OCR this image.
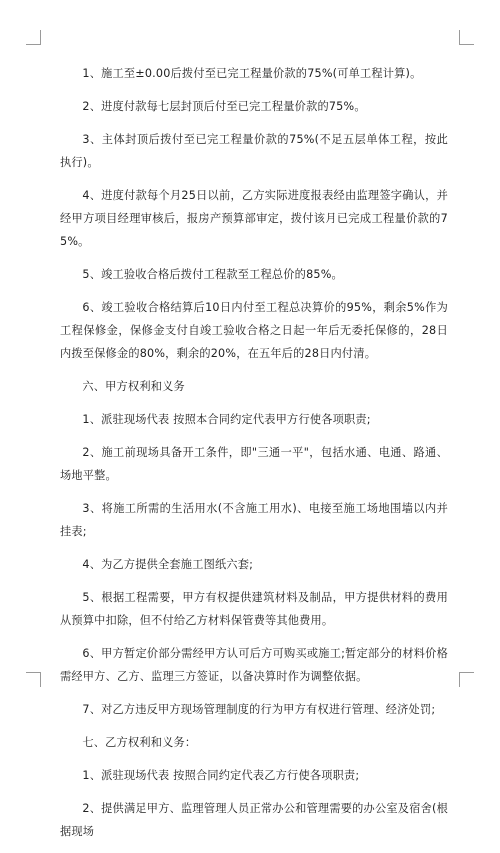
1、施工至±0.00后拨付至已完工程量价款的75%(可单工程计算)。

2、进度付款每七层封顶后付至已完工程量价款的75%。

3、主体封顶后拨付至已完工程量价款的75%(不足五层单体工程，按此执行)。

4、进度付款每个月25日以前，乙方实际进度报表经由监理签字确认，并经甲方项目经理审核后，报房产预算部审定，拨付该月已完成工程量价款的75%。

5、竣工验收合格后拨付工程款至工程总价的85%。

6、竣工验收合格结算后10日内付至工程总决算价的95%，剩余5%作为工程保修金，保修金支付自竣工验收合格之日起一年后无委托保修的，28日内拨至保修金的80%，剩余的20%，在五年后的28日内付清。

六、甲方权利和义务

1、派驻现场代表 按照本合同约定代表甲方行使各项职责;

2、施工前现场具备开工条件，即"三通一平"，包括水通、电通、路通、场地平整。

3、将施工所需的生活用水(不含施工用水)、电接至施工场地围墙以内并挂表;

4、为乙方提供全套施工图纸六套;

5、根据工程需要，甲方有权提供建筑材料及制品，甲方提供材料的费用从预算中扣除，但不付给乙方材料保管费等其他费用。

6、甲方暂定价部分需经甲方认可后方可购买或施工;暂定部分的材料价格需经甲方、乙方、监理三方签证，以备决算时作为调整依据。

7、对乙方违反甲方现场管理制度的行为甲方有权进行管理、经济处罚;

七、乙方权利和义务：

1、派驻现场代表 按照合同约定代表乙方行使各项职责;

2、提供满足甲方、监理管理人员正常办公和管理需要的办公室及宿舍(根据现场
